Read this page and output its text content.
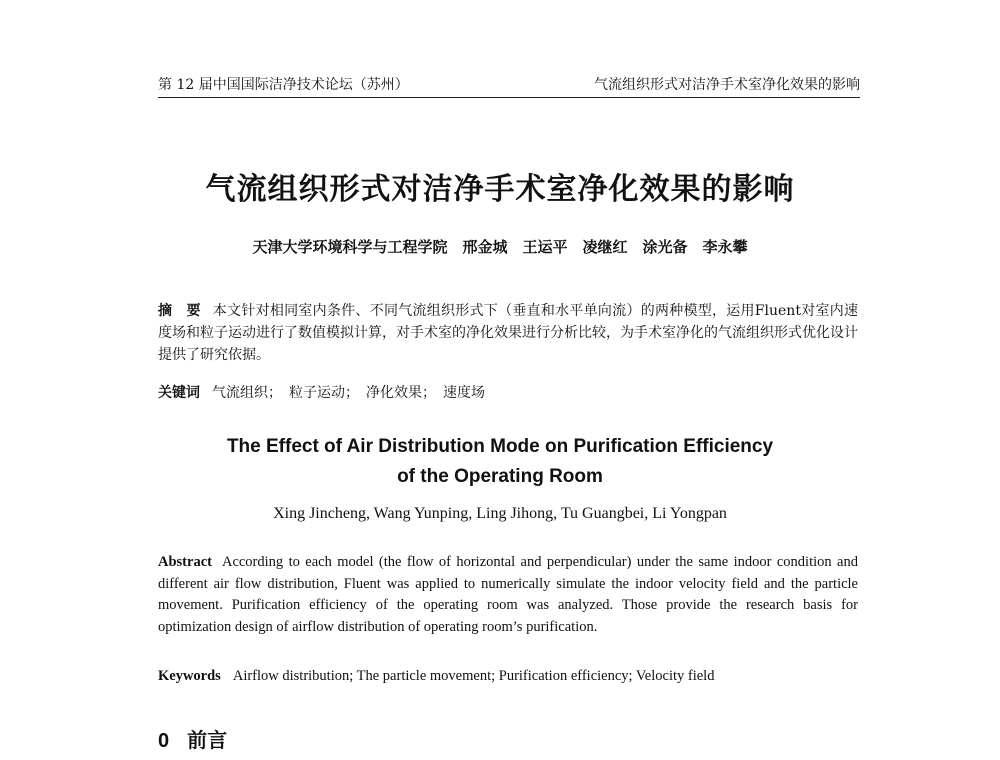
第 12 届中国国际洁净技术论坛（苏州）	气流组织形式对洁净手术室净化效果的影响
气流组织形式对洁净手术室净化效果的影响
天津大学环境科学与工程学院　邢金城　王运平　凌继红　涂光备　李永攀
摘　要 本文针对相同室内条件、不同气流组织形式下（垂直和水平单向流）的两种模型，运用Fluent对室内速度场和粒子运动进行了数值模拟计算，对手术室的净化效果进行分析比较，为手术室净化的气流组织形式优化设计提供了研究依据。
关键词 气流组织；　粒子运动；　净化效果；　速度场
The Effect of Air Distribution Mode on Purification Efficiency
of the Operating Room
Xing Jincheng, Wang Yunping, Ling Jihong, Tu Guangbei, Li Yongpan
Abstract According to each model (the flow of horizontal and perpendicular) under the same indoor condition and different air flow distribution, Fluent was applied to numerically simulate the indoor velocity field and the particle movement. Purification efficiency of the operating room was analyzed. Those provide the research basis for optimization design of airflow distribution of operating room’s purification.
Keywords Airflow distribution; The particle movement; Purification efficiency; Velocity field
0 前言
